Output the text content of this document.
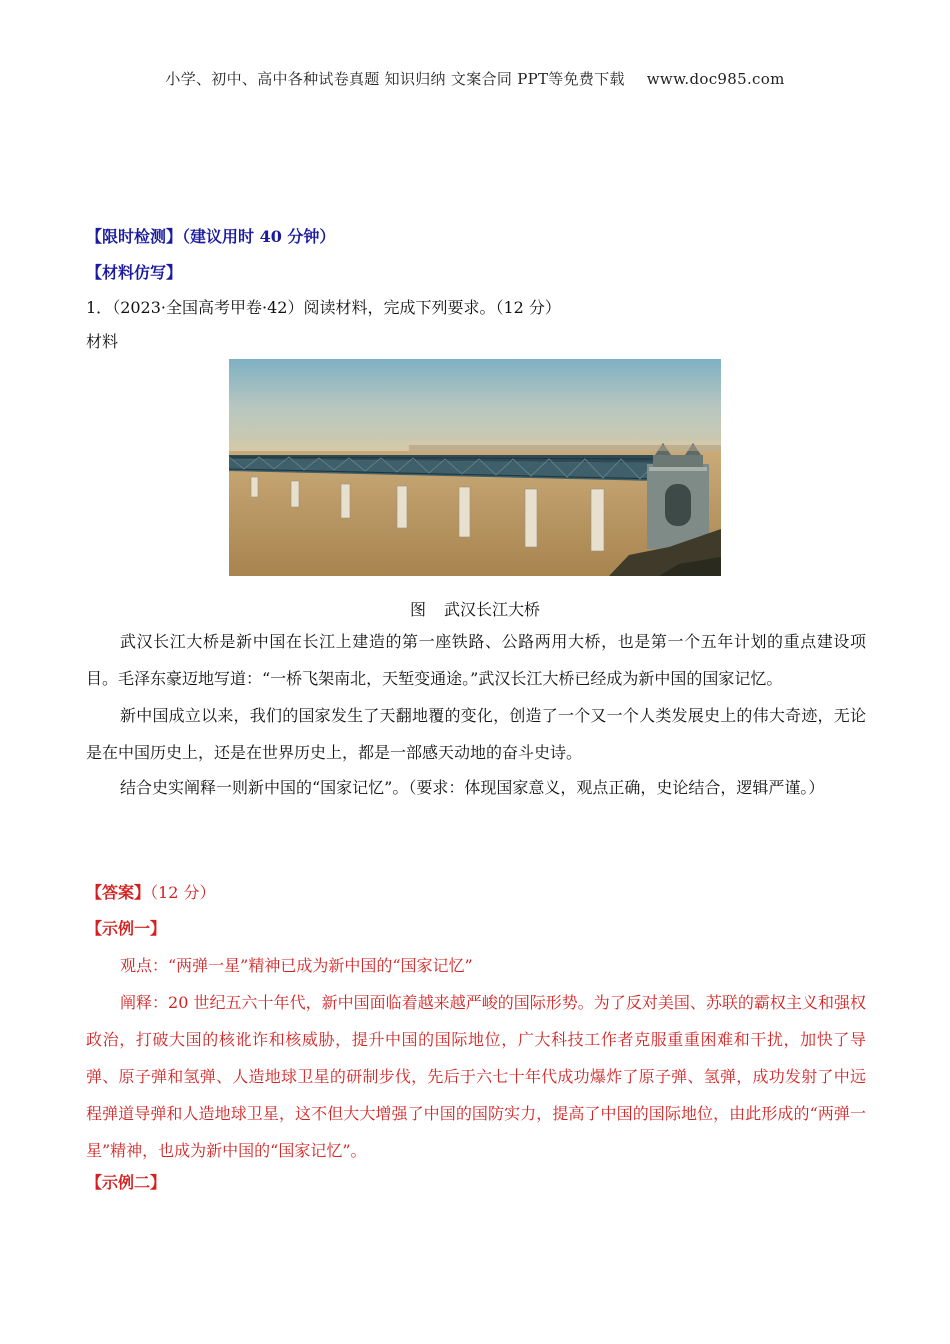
小学、初中、高中各种试卷真题 知识归纳 文案合同 PPT等免费下载 www.doc985.com
【限时检测】（建议用时 40 分钟）
【材料仿写】
1．（2023·全国高考甲卷·42）阅读材料，完成下列要求。（12 分）
材料
图 武汉长江大桥
武汉长江大桥是新中国在长江上建造的第一座铁路、公路两用大桥，也是第一个五年计划的重点建设项目。毛泽东豪迈地写道：“一桥飞架南北，天堑变通途。”武汉长江大桥已经成为新中国的国家记忆。
新中国成立以来，我们的国家发生了天翻地覆的变化，创造了一个又一个人类发展史上的伟大奇迹，无论是在中国历史上，还是在世界历史上，都是一部感天动地的奋斗史诗。
结合史实阐释一则新中国的“国家记忆”。（要求：体现国家意义，观点正确，史论结合，逻辑严谨。）
【答案】（12 分）
【示例一】
观点：“两弹一星”精神已成为新中国的“国家记忆”
阐释：20 世纪五六十年代，新中国面临着越来越严峻的国际形势。为了反对美国、苏联的霸权主义和强权政治，打破大国的核讹诈和核威胁，提升中国的国际地位，广大科技工作者克服重重困难和干扰，加快了导弹、原子弹和氢弹、人造地球卫星的研制步伐，先后于六七十年代成功爆炸了原子弹、氢弹，成功发射了中远程弹道导弹和人造地球卫星，这不但大大增强了中国的国防实力，提高了中国的国际地位，由此形成的“两弹一星”精神，也成为新中国的“国家记忆”。
【示例二】
